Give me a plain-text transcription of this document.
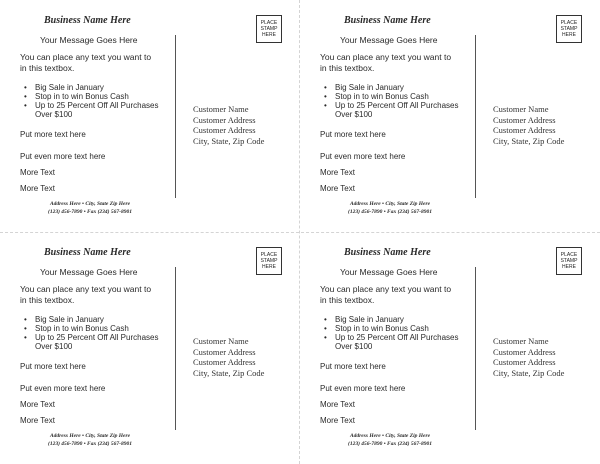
Business Name Here

Your Message Goes Here

You can place any text you want to in this textbox.

• Big Sale in January
• Stop in to win Bonus Cash
• Up to 25 Percent Off All Purchases Over $100

Put more text here

Put even more text here

More Text

More Text

Address Here • City, State Zip Here
(123) 456-7890 • Fax (234) 567-8901
PLACE STAMP HERE
Customer Name
Customer Address
Customer Address
City, State, Zip Code

Business Name Here

Your Message Goes Here

You can place any text you want to in this textbox.

• Big Sale in January
• Stop in to win Bonus Cash
• Up to 25 Percent Off All Purchases Over $100

Put more text here

Put even more text here

More Text

More Text

Address Here • City, State Zip Here
(123) 456-7890 • Fax (234) 567-8901
PLACE STAMP HERE
Customer Name
Customer Address
Customer Address
City, State, Zip Code

Business Name Here

Your Message Goes Here

You can place any text you want to in this textbox.

• Big Sale in January
• Stop in to win Bonus Cash
• Up to 25 Percent Off All Purchases Over $100

Put more text here

Put even more text here

More Text

More Text

Address Here • City, State Zip Here
(123) 456-7890 • Fax (234) 567-8901
PLACE STAMP HERE
Customer Name
Customer Address
Customer Address
City, State, Zip Code

Business Name Here

Your Message Goes Here

You can place any text you want to in this textbox.

• Big Sale in January
• Stop in to win Bonus Cash
• Up to 25 Percent Off All Purchases Over $100

Put more text here

Put even more text here

More Text

More Text

Address Here • City, State Zip Here
(123) 456-7890 • Fax (234) 567-8901
PLACE STAMP HERE
Customer Name
Customer Address
Customer Address
City, State, Zip Code
